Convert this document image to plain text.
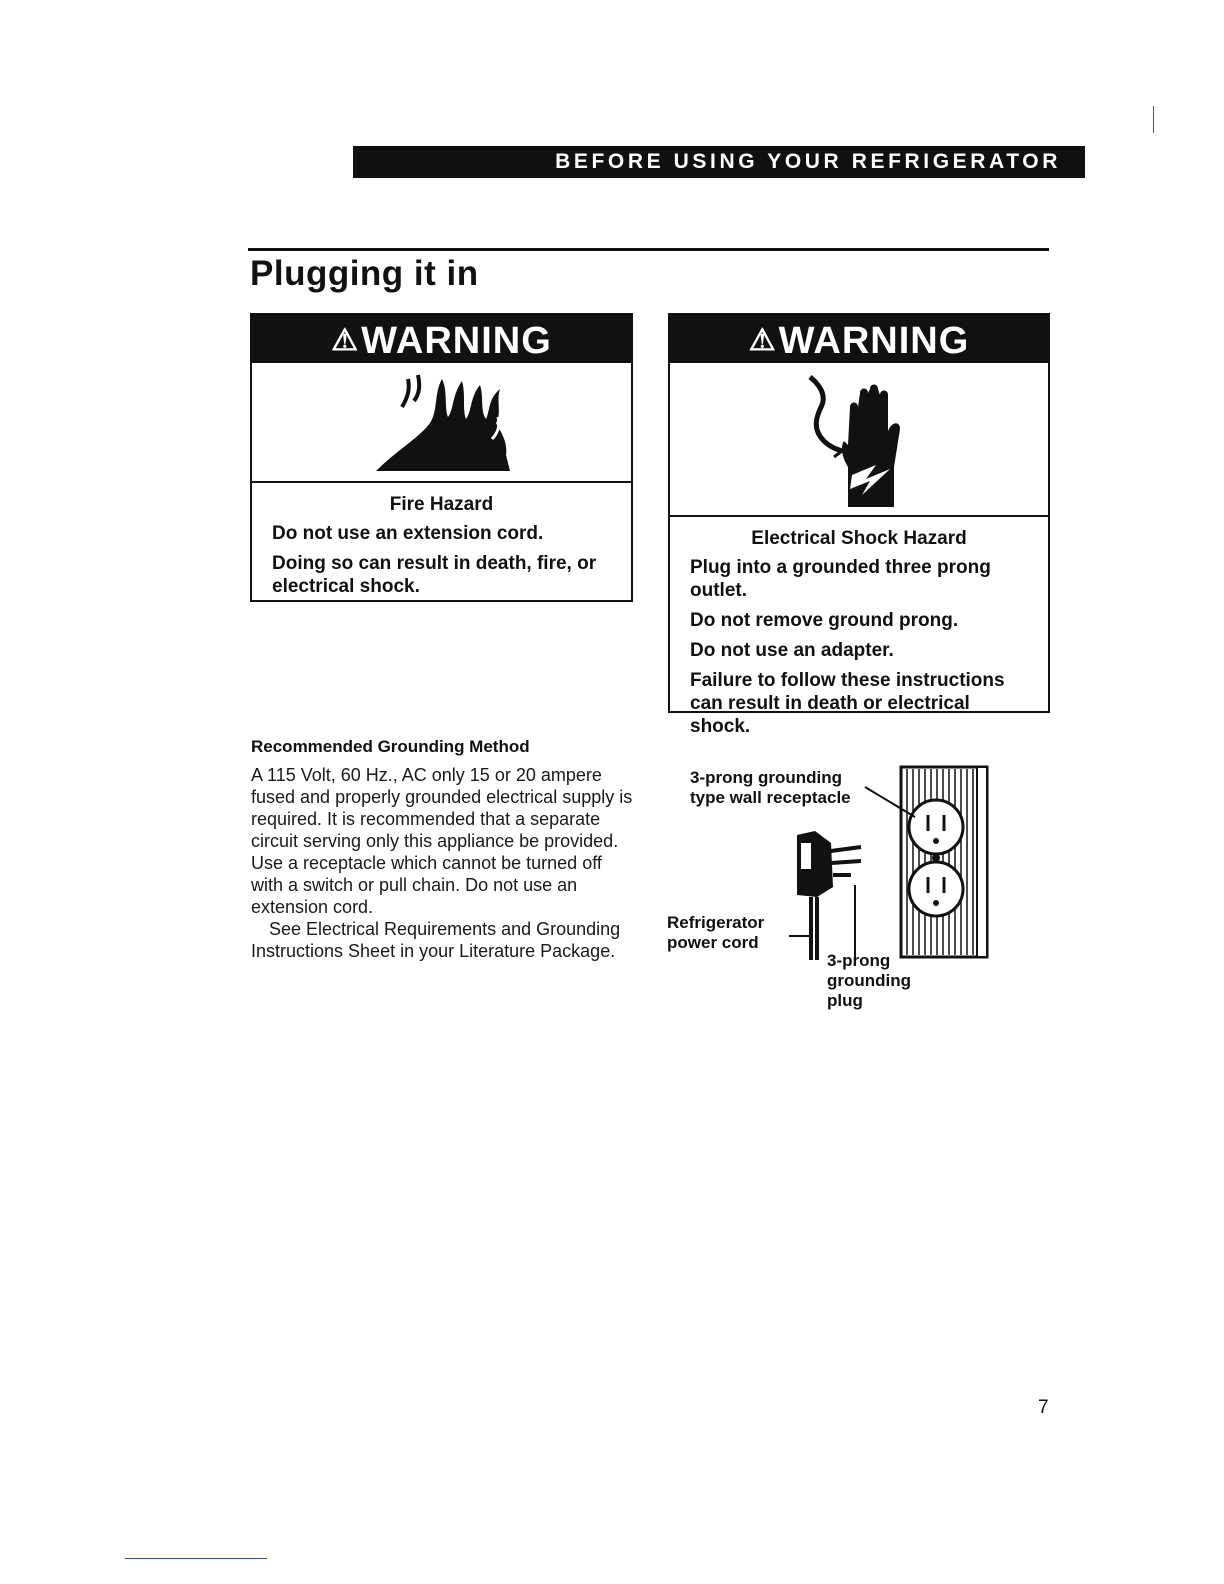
BEFORE USING YOUR REFRIGERATOR
Plugging it in
⚠WARNING
Fire Hazard

Do not use an extension cord.

Doing so can result in death, fire, or electrical shock.

⚠WARNING
Electrical Shock Hazard

Plug into a grounded three prong outlet.

Do not remove ground prong.

Do not use an adapter.

Failure to follow these instructions can result in death or electrical shock.

Recommended Grounding Method

A 115 Volt, 60 Hz., AC only 15 or 20 ampere fused and properly grounded electrical supply is required. It is recommended that a separate circuit serving only this appliance be provided. Use a receptacle which cannot be turned off with a switch or pull chain. Do not use an extension cord.

See Electrical Requirements and Grounding Instructions Sheet in your Literature Package.

3-prong grounding
type wall receptacle
Refrigerator
power cord
3-prong
grounding
plug
7
